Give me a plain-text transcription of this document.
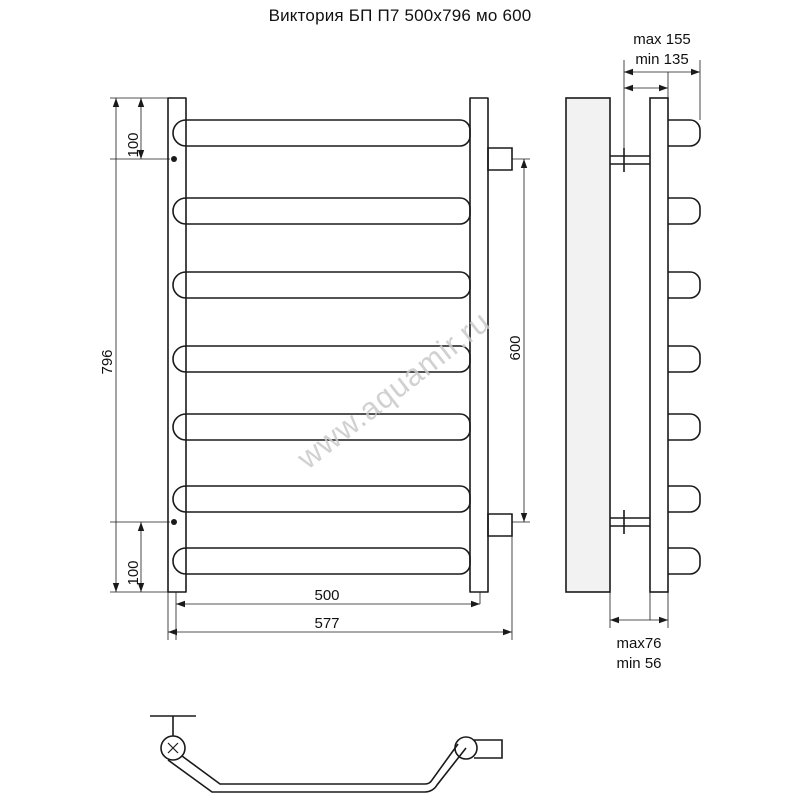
Виктория БП П7 500х796 мо 600
100
100
796
500
577
600
max 155
min 135
max76
min 56
www.aquamir.ru
